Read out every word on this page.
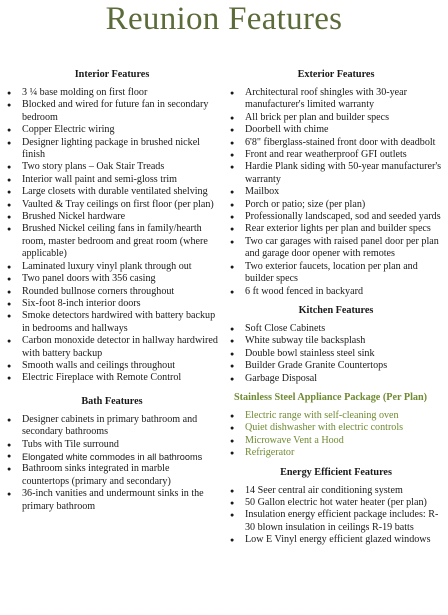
Reunion Features
Interior Features
● 3 ¼ base molding on first floor
● Blocked and wired for future fan in secondary bedroom
● Copper Electric wiring
● Designer lighting package in brushed nickel finish
● Two story plans – Oak Stair Treads
● Interior wall paint and semi-gloss trim
● Large closets with durable ventilated shelving
● Vaulted & Tray ceilings on first floor (per plan)
● Brushed Nickel hardware
● Brushed Nickel ceiling fans in family/hearth room, master bedroom and great room (where applicable)
● Laminated luxury vinyl plank through out
● Two panel doors with 356 casing
● Rounded bullnose corners throughout
● Six-foot 8-inch interior doors
● Smoke detectors hardwired with battery backup in bedrooms and hallways
● Carbon monoxide detector in hallway hardwired with battery backup
● Smooth walls and ceilings throughout
● Electric Fireplace with Remote Control
Bath Features
● Designer cabinets in primary bathroom and secondary bathrooms
● Tubs with Tile surround
● Elongated white commodes in all bathrooms
● Bathroom sinks integrated in marble countertops (primary and secondary)
● 36-inch vanities and undermount sinks in the primary bathroom
Exterior Features
● Architectural roof shingles with 30-year manufacturer's limited warranty
● All brick per plan and builder specs
● Doorbell with chime
● 6'8" fiberglass-stained front door with deadbolt
● Front and rear weatherproof GFI outlets
● Hardie Plank siding with 50-year manufacturer's warranty
● Mailbox
● Porch or patio; size (per plan)
● Professionally landscaped, sod and seeded yards
● Rear exterior lights per plan and builder specs
● Two car garages with raised panel door per plan and garage door opener with remotes
● Two exterior faucets, location per plan and builder specs
● 6 ft wood fenced in backyard
Kitchen Features
● Soft Close Cabinets
● White subway tile backsplash
● Double bowl stainless steel sink
● Builder Grade Granite Countertops
● Garbage Disposal
Stainless Steel Appliance Package (Per Plan)
● Electric range with self-cleaning oven
● Quiet dishwasher with electric controls
● Microwave Vent a Hood
● Refrigerator
Energy Efficient Features
● 14 Seer central air conditioning system
● 50 Gallon electric hot water heater (per plan)
● Insulation energy efficient package includes: R-30 blown insulation in ceilings R-19 batts
● Low E Vinyl energy efficient glazed windows
